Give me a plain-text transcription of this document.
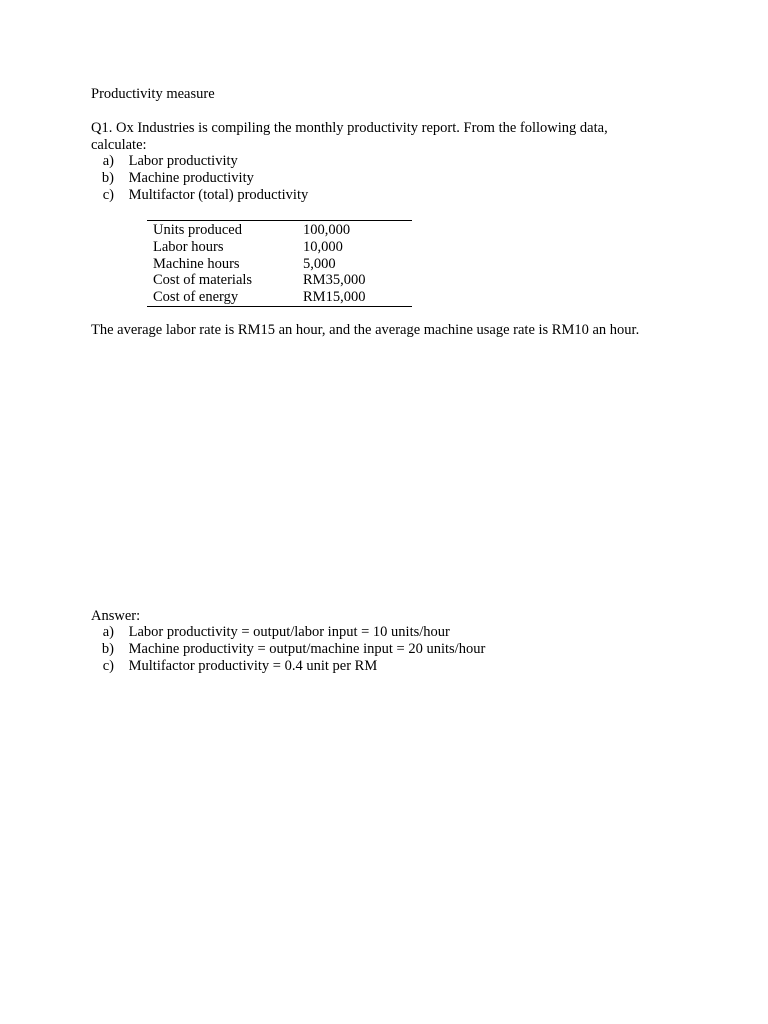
Productivity measure
Q1. Ox Industries is compiling the monthly productivity report. From the following data, calculate:
a) Labor productivity
b) Machine productivity
c) Multifactor (total) productivity
Units produced	100,000
Labor hours	10,000
Machine hours	5,000
Cost of materials	RM35,000
Cost of energy	RM15,000
The average labor rate is RM15 an hour, and the average machine usage rate is RM10 an hour.
Answer:
a) Labor productivity = output/labor input = 10 units/hour
b) Machine productivity = output/machine input = 20 units/hour
c) Multifactor productivity = 0.4 unit per RM
